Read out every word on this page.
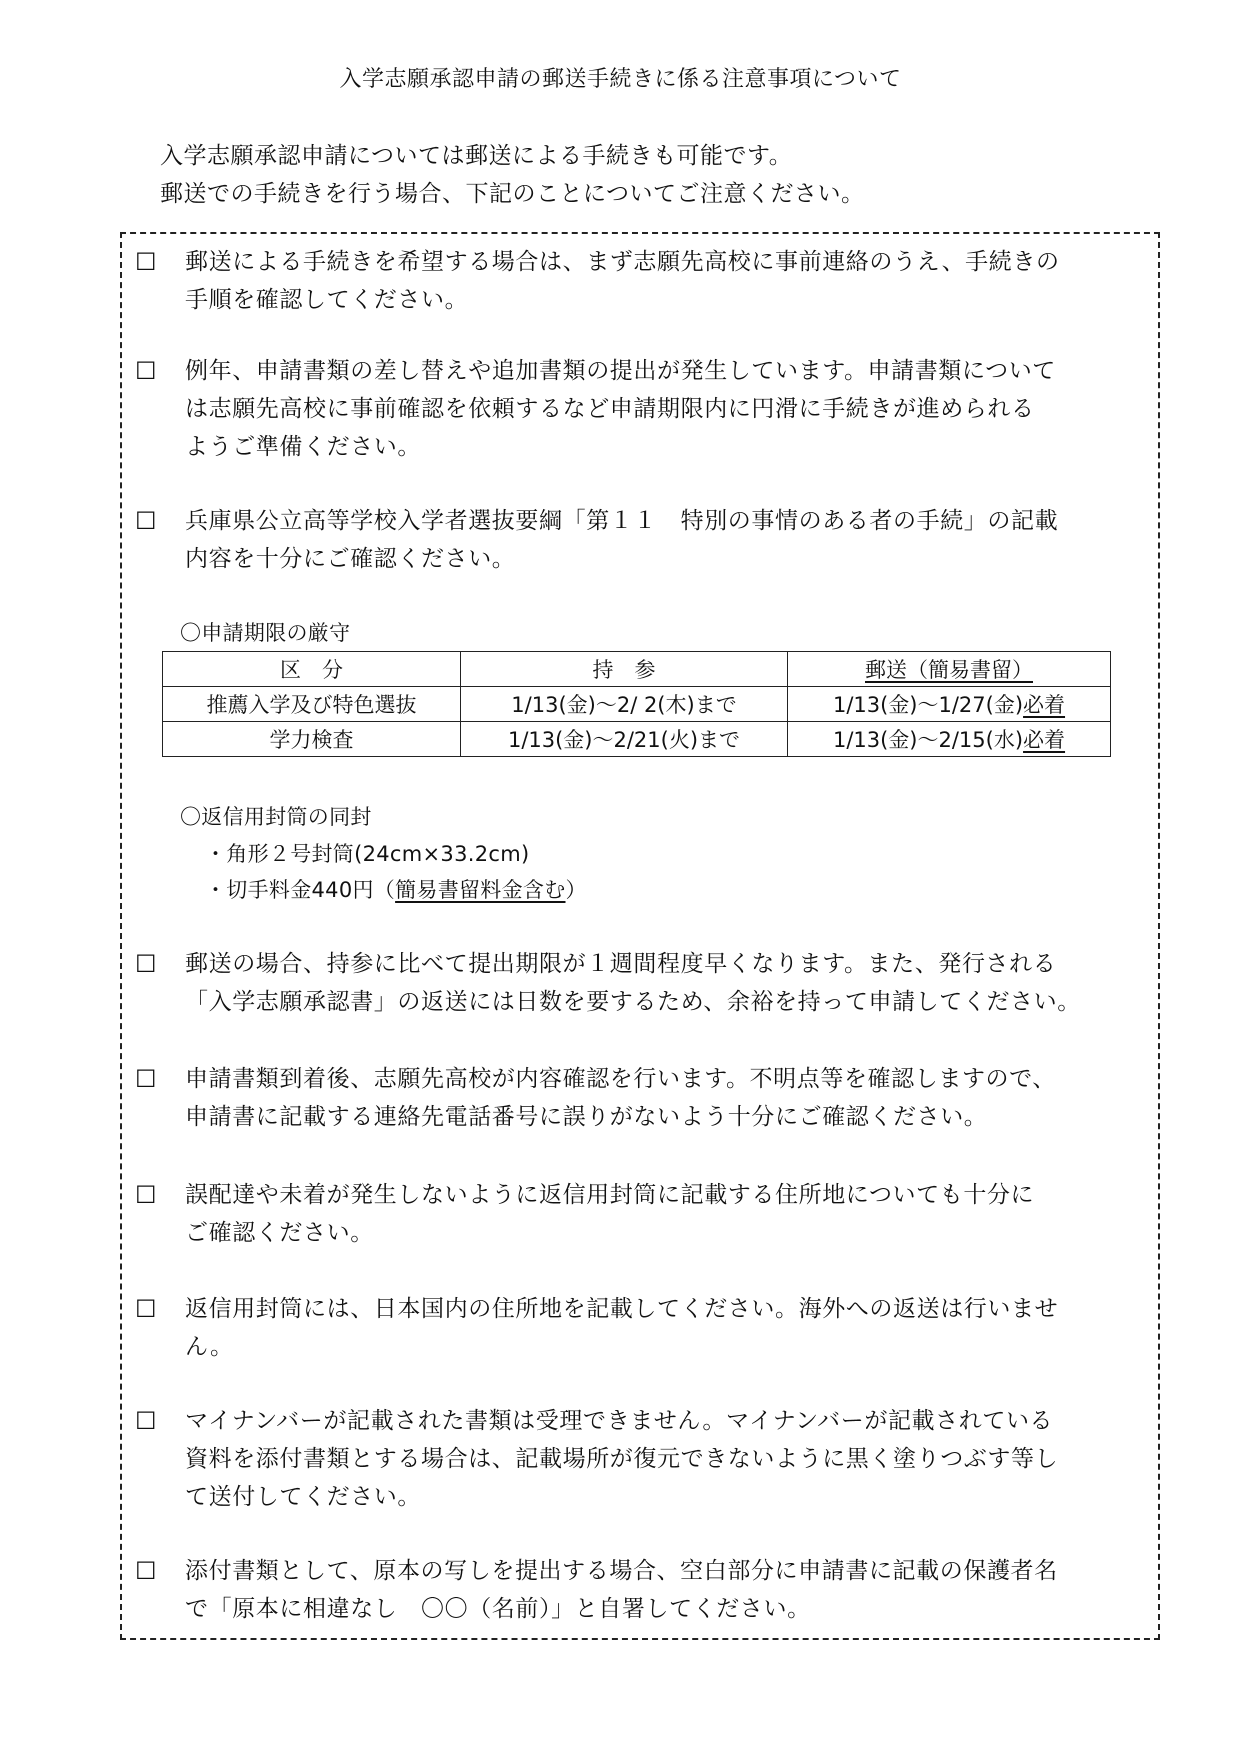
入学志願承認申請の郵送手続きに係る注意事項について
入学志願承認申請については郵送による手続きも可能です。
郵送での手続きを行う場合、下記のことについてご注意ください。
☐ 郵送による手続きを希望する場合は、まず志願先高校に事前連絡のうえ、手続きの
手順を確認してください。
☐ 例年、申請書類の差し替えや追加書類の提出が発生しています。申請書類について
は志願先高校に事前確認を依頼するなど申請期限内に円滑に手続きが進められる
ようご準備ください。
☐ 兵庫県公立高等学校入学者選抜要綱「第１１　特別の事情のある者の手続」の記載
内容を十分にご確認ください。
〇申請期限の厳守
区　分	持　参	郵送（簡易書留）
推薦入学及び特色選抜	1/13(金)～2/ 2(木)まで	1/13(金)～1/27(金)必着
学力検査	1/13(金)～2/21(火)まで	1/13(金)～2/15(水)必着
〇返信用封筒の同封
・角形２号封筒(24cm×33.2cm)
・切手料金440円（簡易書留料金含む）
☐ 郵送の場合、持参に比べて提出期限が１週間程度早くなります。また、発行される
「入学志願承認書」の返送には日数を要するため、余裕を持って申請してください。
☐ 申請書類到着後、志願先高校が内容確認を行います。不明点等を確認しますので、
申請書に記載する連絡先電話番号に誤りがないよう十分にご確認ください。
☐ 誤配達や未着が発生しないように返信用封筒に記載する住所地についても十分に
ご確認ください。
☐ 返信用封筒には、日本国内の住所地を記載してください。海外への返送は行いませ
ん。
☐ マイナンバーが記載された書類は受理できません。マイナンバーが記載されている
資料を添付書類とする場合は、記載場所が復元できないように黒く塗りつぶす等し
て送付してください。
☐ 添付書類として、原本の写しを提出する場合、空白部分に申請書に記載の保護者名
で「原本に相違なし　〇〇（名前）」と自署してください。
